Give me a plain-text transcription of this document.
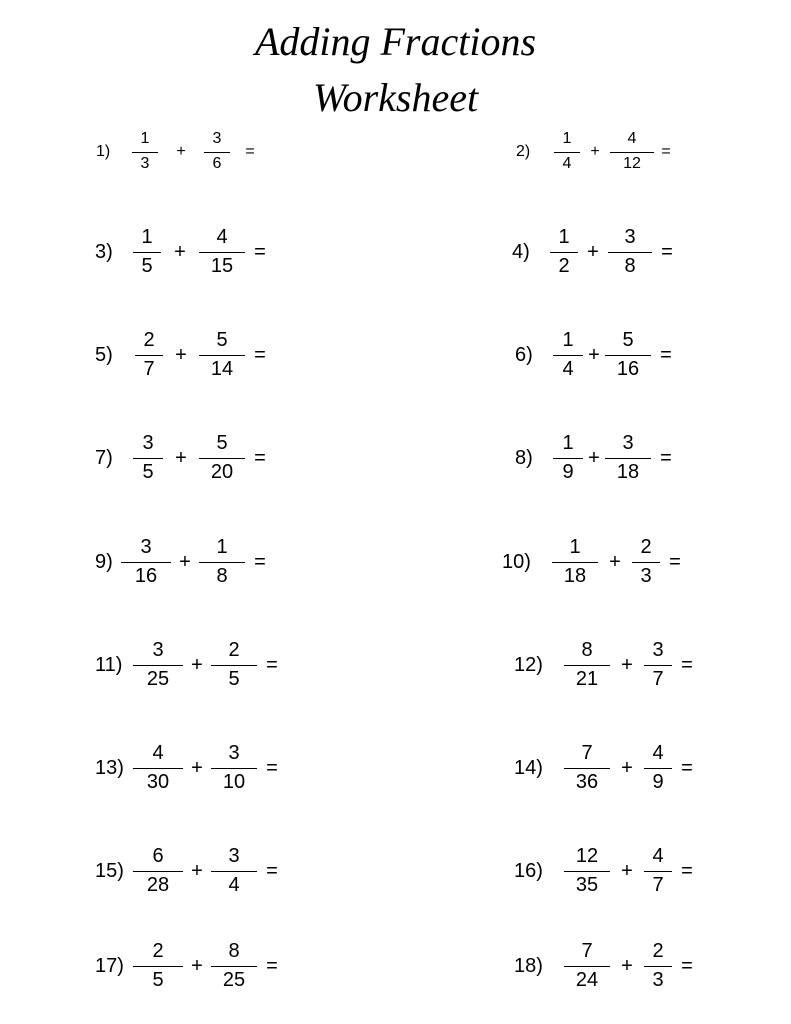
Adding Fractions
Worksheet
1)	$\frac{1}{3}$	+	$\frac{3}{6}$ =	2)	$\frac{1}{4} + \frac{4}{12}$ =
3)	$\frac{1}{5} + \frac{4}{15}$ =	4)	$\frac{1}{2} + \frac{3}{8}$ =
5)	$\frac{2}{7} + \frac{5}{14}$ =	6)	$\frac{1}{4} + \frac{5}{16}$ =
7)	$\frac{3}{5} + \frac{5}{20}$ =	8)	$\frac{1}{9} + \frac{3}{18}$ =
$9) \frac{3}{16} + \frac{1}{8}$ =	10)	$\frac{1}{18} + \frac{2}{3}$ =
$11) \frac{3}{25} + \frac{2}{5}$ =	12)	$\frac{8}{21} + \frac{3}{7}$ =
$13) \frac{4}{30} + \frac{3}{10}$ =	14)	$\frac{7}{36} + \frac{4}{9}$ =
$15) \frac{6}{28} + \frac{3}{4}$ =	16)	$\frac{12}{35} + \frac{4}{7}$ =
$17) \frac{2}{5} + \frac{8}{25}$ =	18)	$\frac{7}{24} + \frac{2}{3}$ =
